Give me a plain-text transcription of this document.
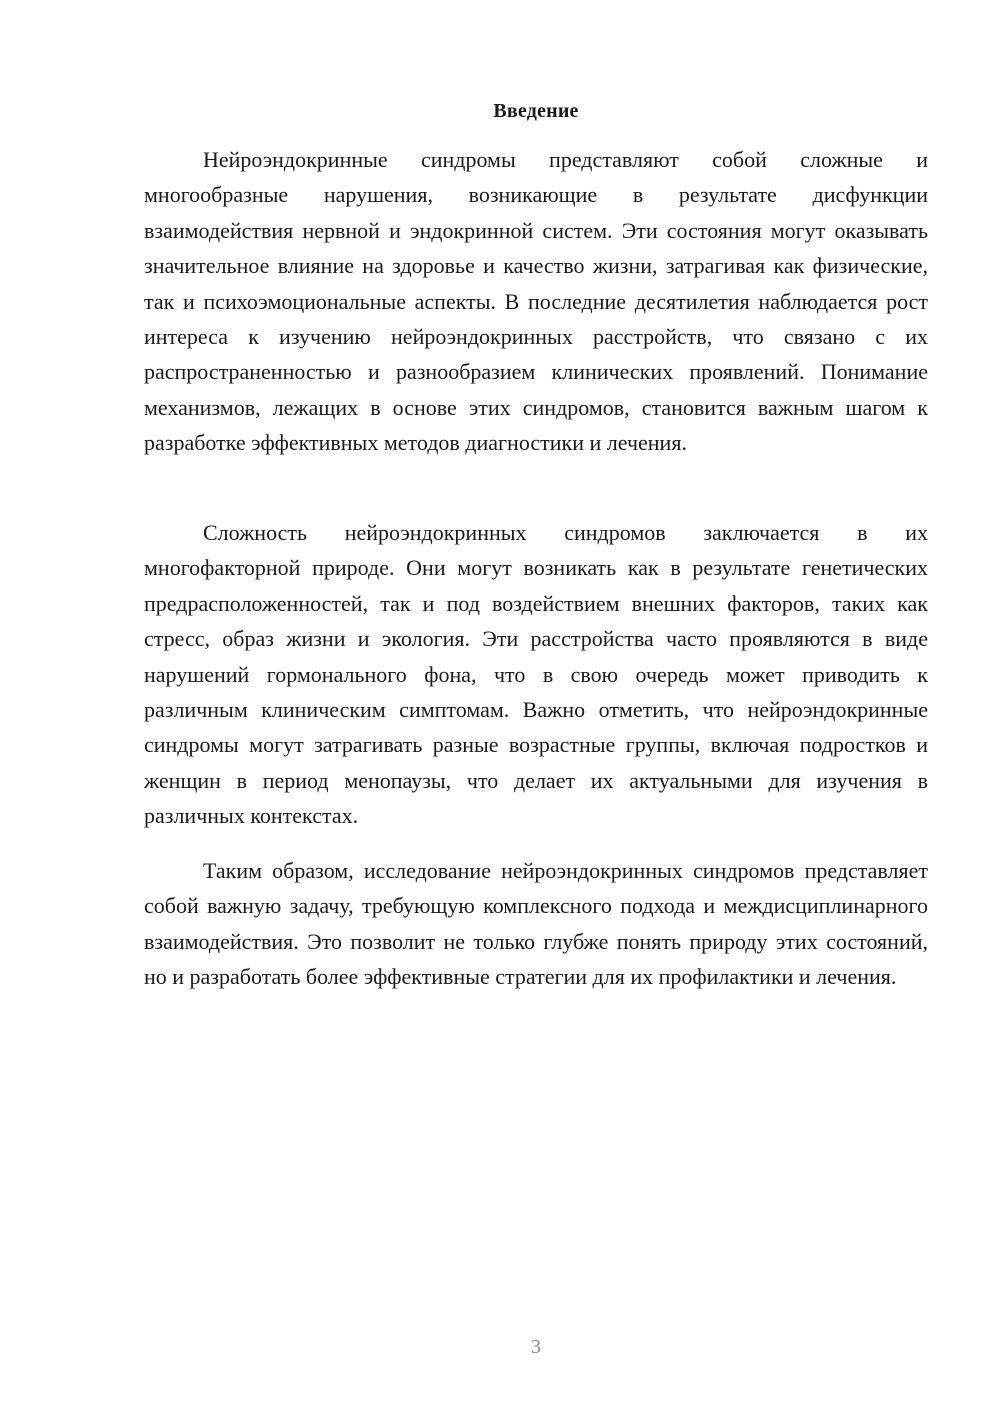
Введение

Нейроэндокринные синдромы представляют собой сложные и многообразные нарушения, возникающие в результате дисфункции взаимодействия нервной и эндокринной систем. Эти состояния могут оказывать значительное влияние на здоровье и качество жизни, затрагивая как физические, так и психоэмоциональные аспекты. В последние десятилетия наблюдается рост интереса к изучению нейроэндокринных расстройств, что связано с их распространенностью и разнообразием клинических проявлений. Понимание механизмов, лежащих в основе этих синдромов, становится важным шагом к разработке эффективных методов диагностики и лечения.

Сложность нейроэндокринных синдромов заключается в их многофакторной природе. Они могут возникать как в результате генетических предрасположенностей, так и под воздействием внешних факторов, таких как стресс, образ жизни и экология. Эти расстройства часто проявляются в виде нарушений гормонального фона, что в свою очередь может приводить к различным клиническим симптомам. Важно отметить, что нейроэндокринные синдромы могут затрагивать разные возрастные группы, включая подростков и женщин в период менопаузы, что делает их актуальными для изучения в различных контекстах.

Таким образом, исследование нейроэндокринных синдромов представляет собой важную задачу, требующую комплексного подхода и междисциплинарного взаимодействия. Это позволит не только глубже понять природу этих состояний, но и разработать более эффективные стратегии для их профилактики и лечения.

3
